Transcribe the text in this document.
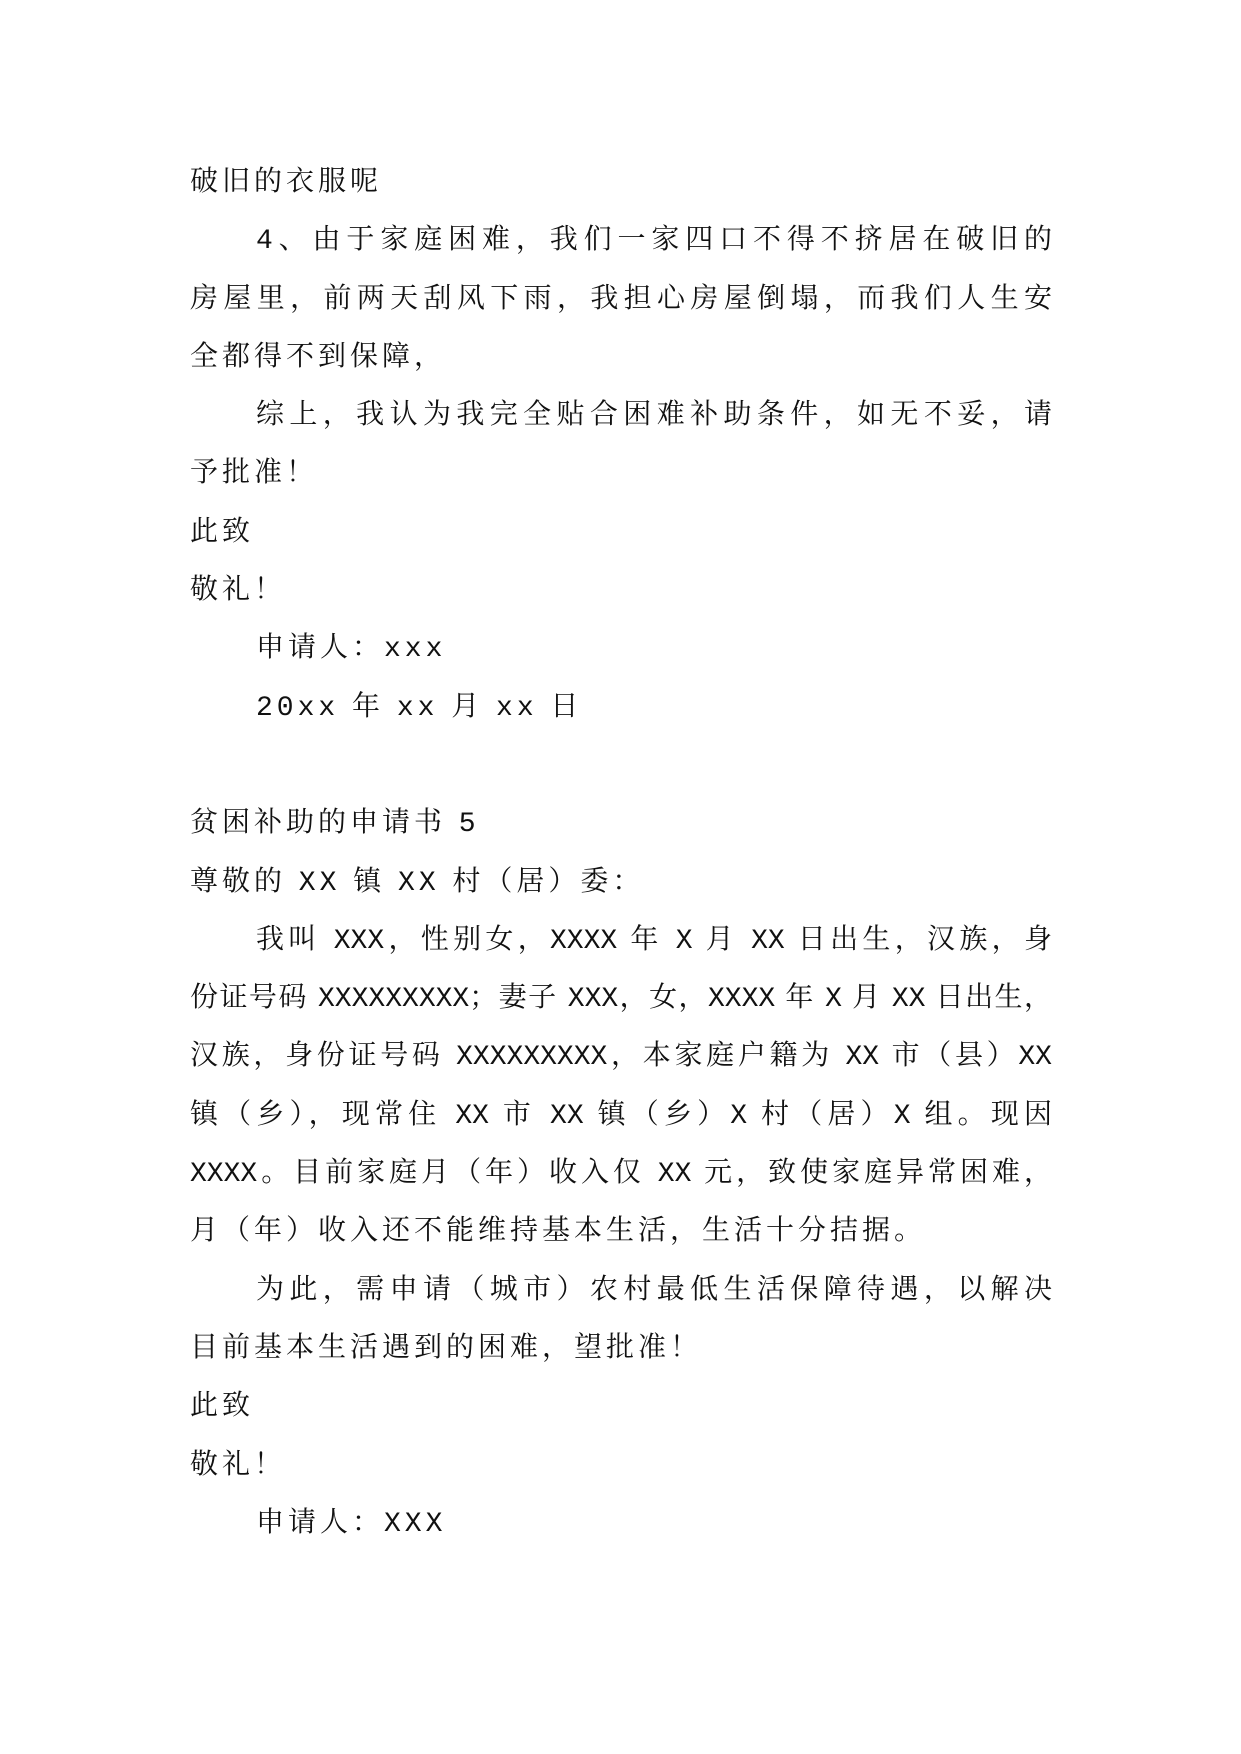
破旧的衣服呢
4、由于家庭困难，我们一家四口不得不挤居在破旧的
房屋里，前两天刮风下雨，我担心房屋倒塌，而我们人生安
全都得不到保障，
综上，我认为我完全贴合困难补助条件，如无不妥，请
予批准！
此致
敬礼！
申请人：xxx
20xx 年 xx 月 xx 日
贫困补助的申请书 5
尊敬的 XX 镇 XX 村（居）委：
我叫 XXX，性别女，XXXX 年 X 月 XX 日出生，汉族，身
份证号码 XXXXXXXXX；妻子 XXX，女，XXXX 年 X 月 XX 日出生，
汉族，身份证号码 XXXXXXXXX，本家庭户籍为 XX 市（县）XX
镇（乡），现常住 XX 市 XX 镇（乡）X 村（居）X 组。现因
XXXX。目前家庭月（年）收入仅 XX 元，致使家庭异常困难，
月（年）收入还不能维持基本生活，生活十分拮据。
为此，需申请（城市）农村最低生活保障待遇，以解决
目前基本生活遇到的困难，望批准！
此致
敬礼！
申请人：XXX
